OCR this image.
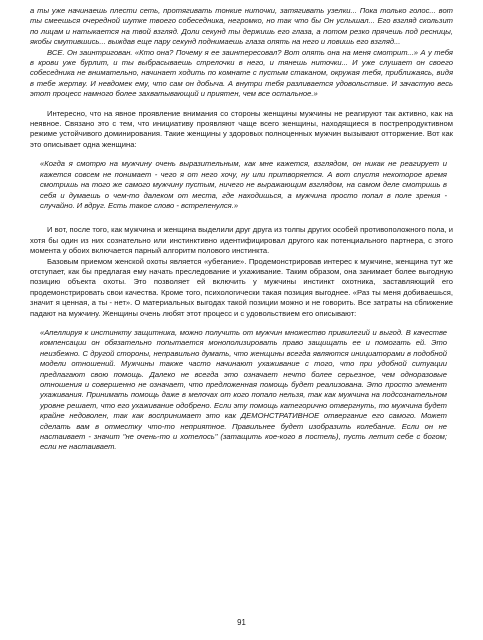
а ты уже начинаешь плести сеть, протягивать тонкие ниточки, затягивать узелки... Пока только голос... вот ты смеешься очередной шутке твоего собеседника, негромко, но так что бы Он услышал... Его взгляд скользит по лицам и натыкается на твой взгляд. Доли секунд ты держишь его глаза, а потом резко прячешь под ресницы, якобы смутившись... выждав еще пару секунд поднимаешь глаза опять на него и ловишь его взгляд...

ВСЕ. Он заинтригован. «Кто она? Почему я ее заинтересовал? Вот опять она на меня смотрит...» А у тебя в крови уже бурлит, и ты выбрасываешь стрелочки в него, и тянешь ниточки... И уже слушает он своего собеседника не внимательно, начинает ходить по комнате с пустым стаканом, окружая тебя, приближаясь, видя в тебе жертву. И невдомек ему, что сам он добыча. А внутри тебя разливается удовольствие. И зачастую весь этот процесс намного более захватывающий и приятен, чем все остальное.»

Интересно, что на явное проявление внимания со стороны женщины мужчины не реагируют так активно, как на неявное. Связано это с тем, что инициативу проявляют чаще всего женщины, находящиеся в пострепродуктивном режиме устойчивого доминирования. Такие женщины у здоровых полноценных мужчин вызывают отторжение. Вот как это описывает одна женщина:

«Когда я смотрю на мужчину очень выразительным, как мне кажется, взглядом, он никак не реагирует и кажется совсем не понимает - чего я от него хочу, ну или притворяется. А вот спустя некоторое время смотришь на того же самого мужчину пустым, ничего не выражающим взглядом, на самом деле смотришь в себя и думаешь о чем-то далеком от места, где находишься, а мужчина просто попал в поле зрения - случайно. И вдруг. Есть такое слово - встрепенулся.»

И вот, после того, как мужчина и женщина выделили друг друга из толпы других особей противоположного пола, и хотя бы один из них сознательно или инстинктивно идентифицировал другого как потенциального партнера, с этого момента у обоих включается парный алгоритм полового инстинкта.

Базовым приемом женской охоты является «убегание». Продемонстрировав интерес к мужчине, женщина тут же отступает, как бы предлагая ему начать преследование и ухаживание. Таким образом, она занимает более выгодную позицию объекта охоты. Это позволяет ей включить у мужчины инстинкт охотника, заставляющий его продемонстрировать свои качества. Кроме того, психологически такая позиция выгоднее. «Раз ты меня добиваешься, значит я ценная, а ты - нет». О материальных выгодах такой позиции можно и не говорить. Все затраты на сближение падают на мужчину. Женщины очень любят этот процесс и с удовольствием его описывают:

«Апеллируя к инстинкту защитника, можно получить от мужчин множество привилегий и выгод. В качестве компенсации он обязательно попытается монополизировать право защищать ее и помогать ей. Это неизбежно. С другой стороны, неправильно думать, что женщины всегда являются инициаторами в подобной модели отношений. Мужчины также часто начинают ухаживание с того, что при удобной ситуации предлагают свою помощь. Далеко не всегда это означает нечто более серьезное, чем одноразовые отношения и совершенно не означает, что предложенная помощь будет реализована. Это просто элемент ухаживания. Принимать помощь даже в мелочах от кого попало нельзя, так как мужчина на подсознательном уровне решает, что его ухаживание одобрено. Если эту помощь категорично отвергнуть, то мужчина будет крайне недоволен, так как воспринимает это как ДЕМОНСТРАТИВНОЕ отвергание его самого. Может сделать вам в отместку что-то неприятное. Правильнее будет изобразить колебание. Если он не настаивает - значит "не очень-то и хотелось" (затащить кое-кого в постель), пусть летит себе с богом; если не настаивает.

91
